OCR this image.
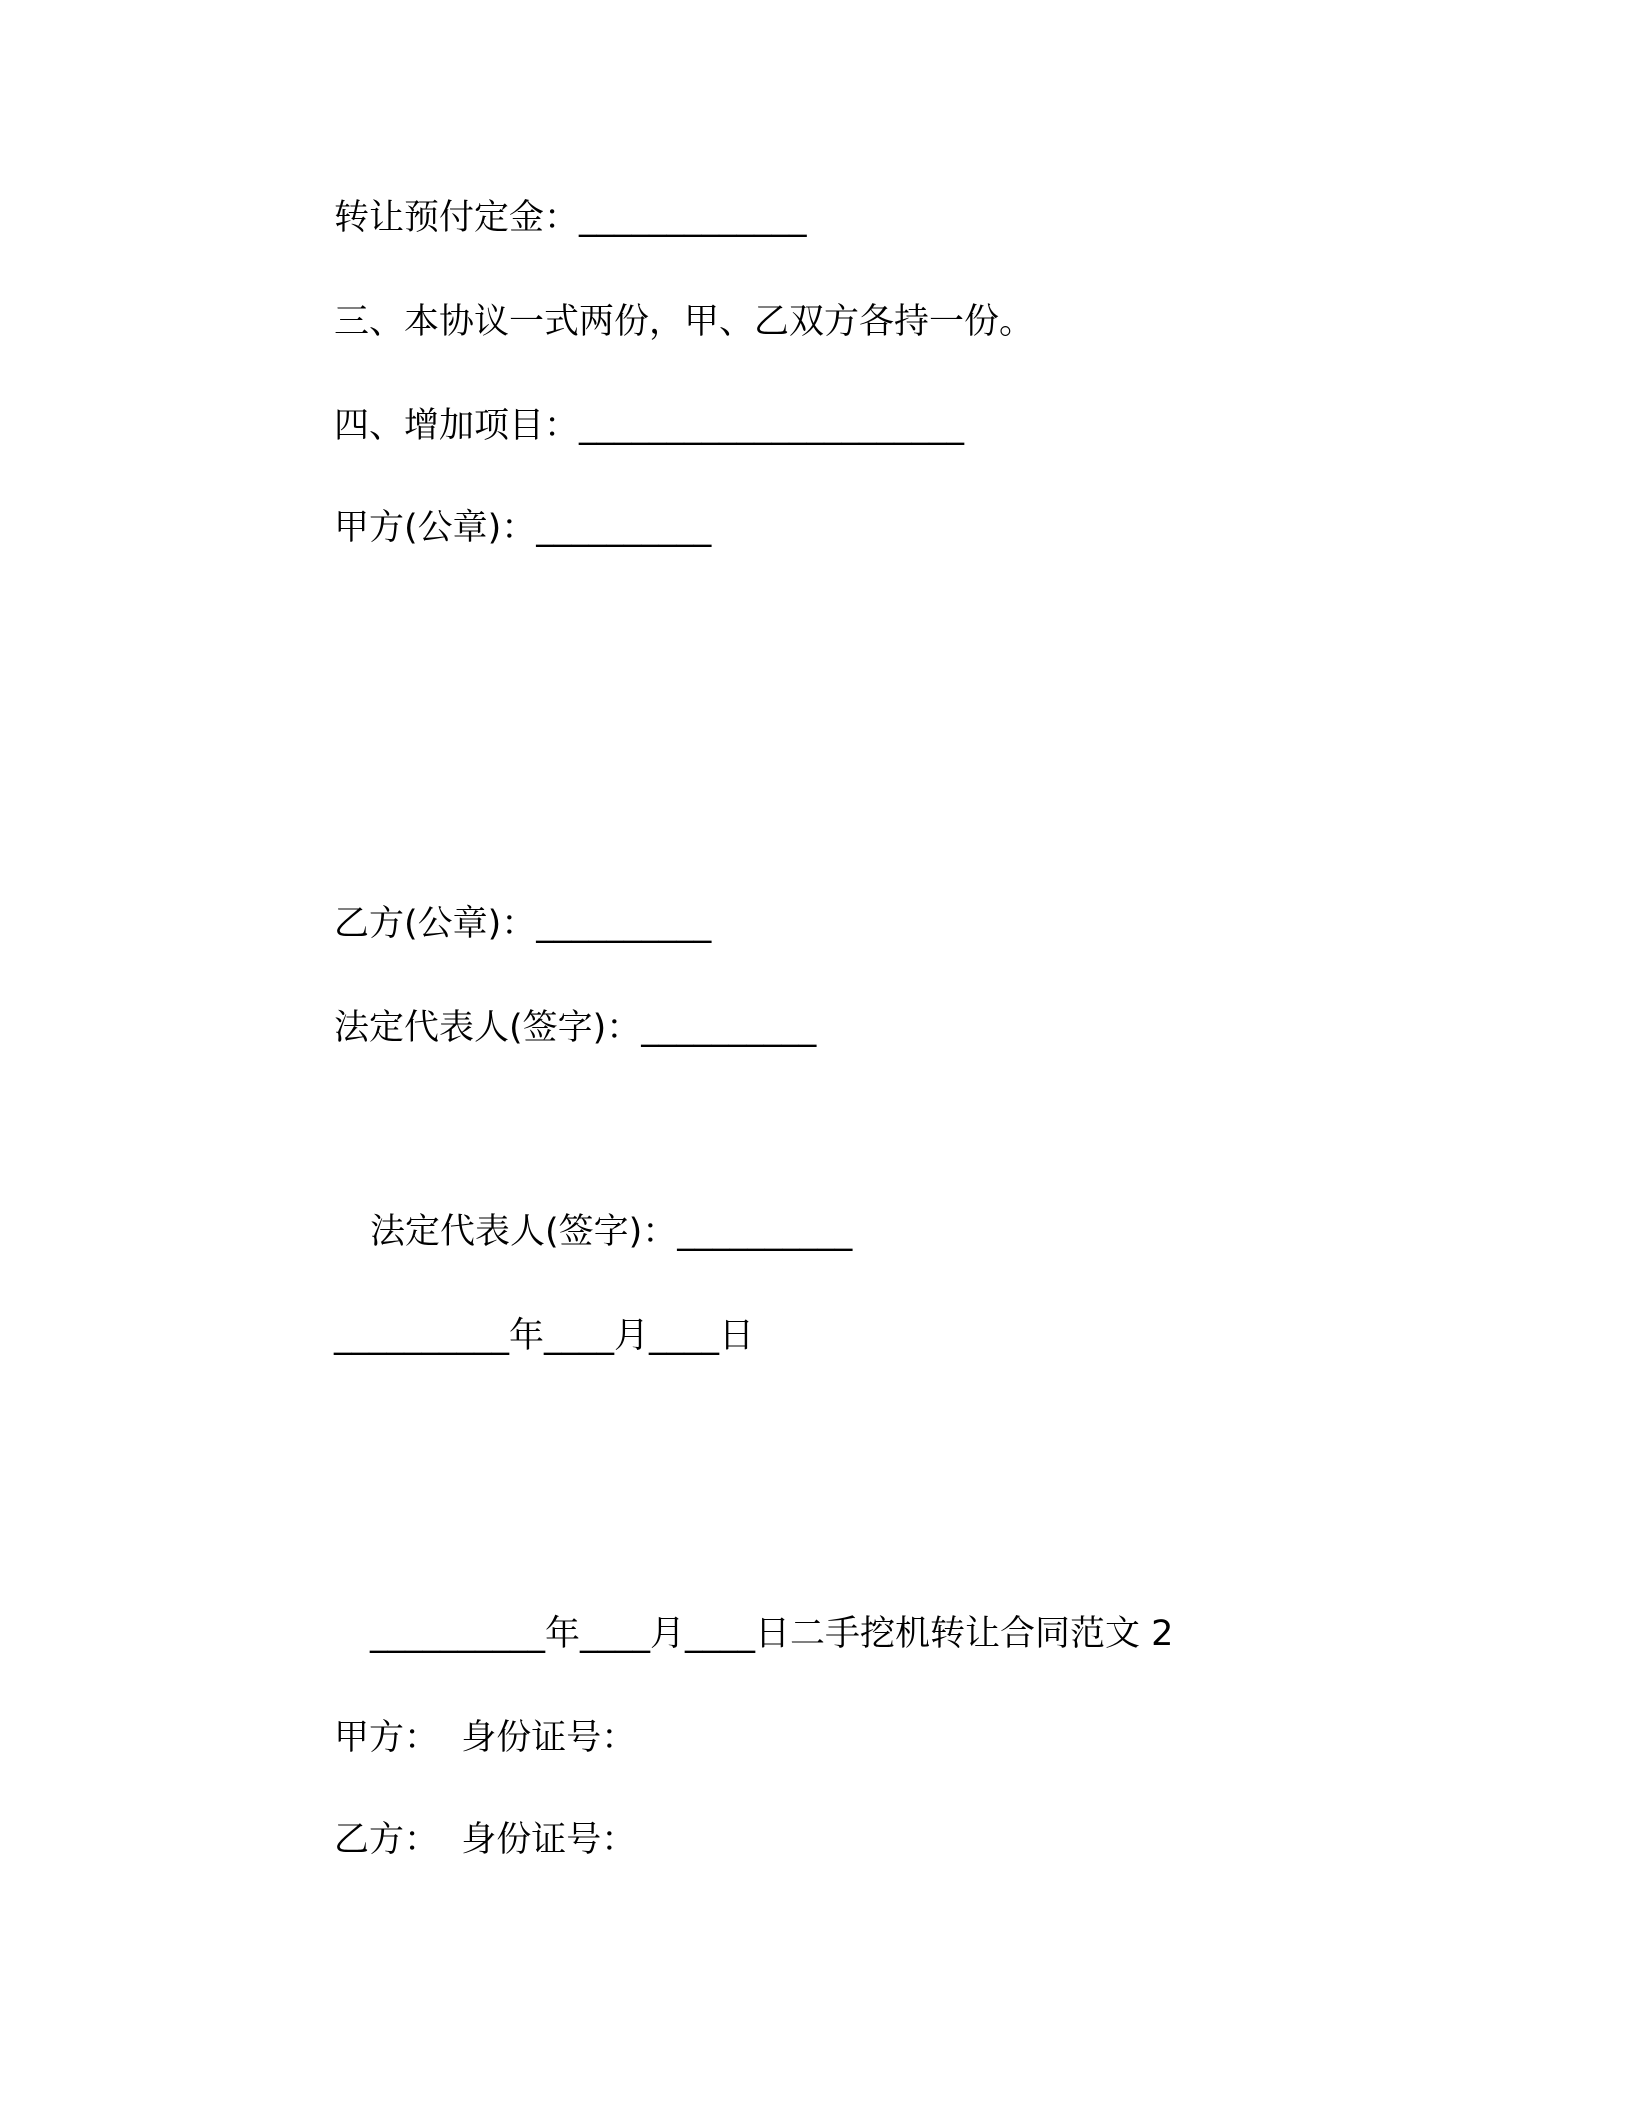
转让预付定金：_____________
三、本协议一式两份，甲、乙双方各持一份。
四、增加项目：______________________
甲方(公章)：__________
乙方(公章)：__________
法定代表人(签字)：__________
法定代表人(签字)：__________
__________年____月____日
__________年____月____日二手挖机转让合同范文 2
甲方：  身份证号：
乙方：  身份证号：
